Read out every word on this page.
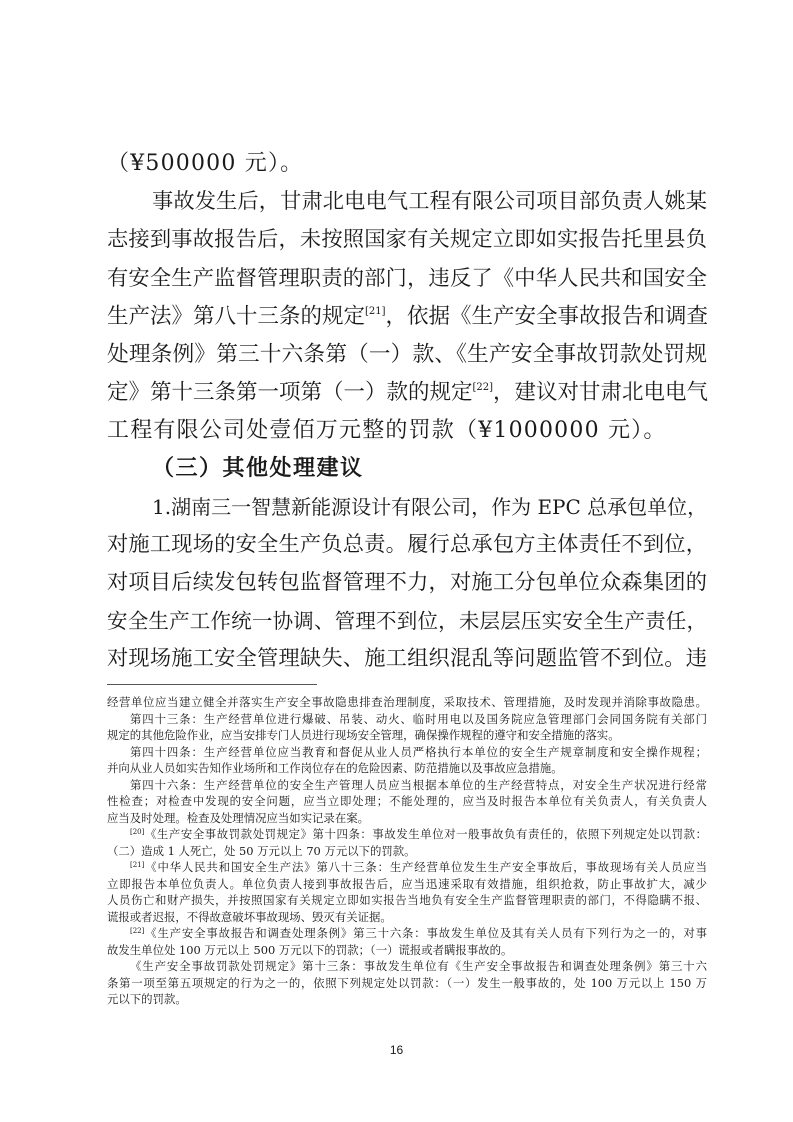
（¥500000 元）。
事故发生后，甘肃北电电气工程有限公司项目部负责人姚某
志接到事故报告后，未按照国家有关规定立即如实报告托里县负
有安全生产监督管理职责的部门，违反了《中华人民共和国安全
生产法》第八十三条的规定[21]，依据《生产安全事故报告和调查
处理条例》第三十六条第（一）款、《生产安全事故罚款处罚规
定》第十三条第一项第（一）款的规定[22]，建议对甘肃北电电气
工程有限公司处壹佰万元整的罚款（¥1000000 元）。
（三）其他处理建议
1.湖南三一智慧新能源设计有限公司，作为 EPC 总承包单位，
对施工现场的安全生产负总责。履行总承包方主体责任不到位，
对项目后续发包转包监督管理不力，对施工分包单位众森集团的
安全生产工作统一协调、管理不到位，未层层压实安全生产责任，
对现场施工安全管理缺失、施工组织混乱等问题监管不到位。违
经营单位应当建立健全并落实生产安全事故隐患排查治理制度，采取技术、管理措施，及时发现并消除事故隐患。
第四十三条：生产经营单位进行爆破、吊装、动火、临时用电以及国务院应急管理部门会同国务院有关部门
规定的其他危险作业，应当安排专门人员进行现场安全管理，确保操作规程的遵守和安全措施的落实。
第四十四条：生产经营单位应当教育和督促从业人员严格执行本单位的安全生产规章制度和安全操作规程；
并向从业人员如实告知作业场所和工作岗位存在的危险因素、防范措施以及事故应急措施。
第四十六条：生产经营单位的安全生产管理人员应当根据本单位的生产经营特点，对安全生产状况进行经常
性检查；对检查中发现的安全问题，应当立即处理；不能处理的，应当及时报告本单位有关负责人，有关负责人
应当及时处理。检查及处理情况应当如实记录在案。
[20]《生产安全事故罚款处罚规定》第十四条：事故发生单位对一般事故负有责任的，依照下列规定处以罚款：
（二）造成 1 人死亡，处 50 万元以上 70 万元以下的罚款。
[21]《中华人民共和国安全生产法》第八十三条：生产经营单位发生生产安全事故后，事故现场有关人员应当
立即报告本单位负责人。单位负责人接到事故报告后，应当迅速采取有效措施，组织抢救，防止事故扩大，减少
人员伤亡和财产损失，并按照国家有关规定立即如实报告当地负有安全生产监督管理职责的部门，不得隐瞒不报、
谎报或者迟报，不得故意破坏事故现场、毁灭有关证据。
[22]《生产安全事故报告和调查处理条例》第三十六条：事故发生单位及其有关人员有下列行为之一的，对事
故发生单位处 100 万元以上 500 万元以下的罚款；（一）谎报或者瞒报事故的。
《生产安全事故罚款处罚规定》第十三条：事故发生单位有《生产安全事故报告和调查处理条例》第三十六
条第一项至第五项规定的行为之一的，依照下列规定处以罚款：（一）发生一般事故的，处 100 万元以上 150 万
元以下的罚款。
16
